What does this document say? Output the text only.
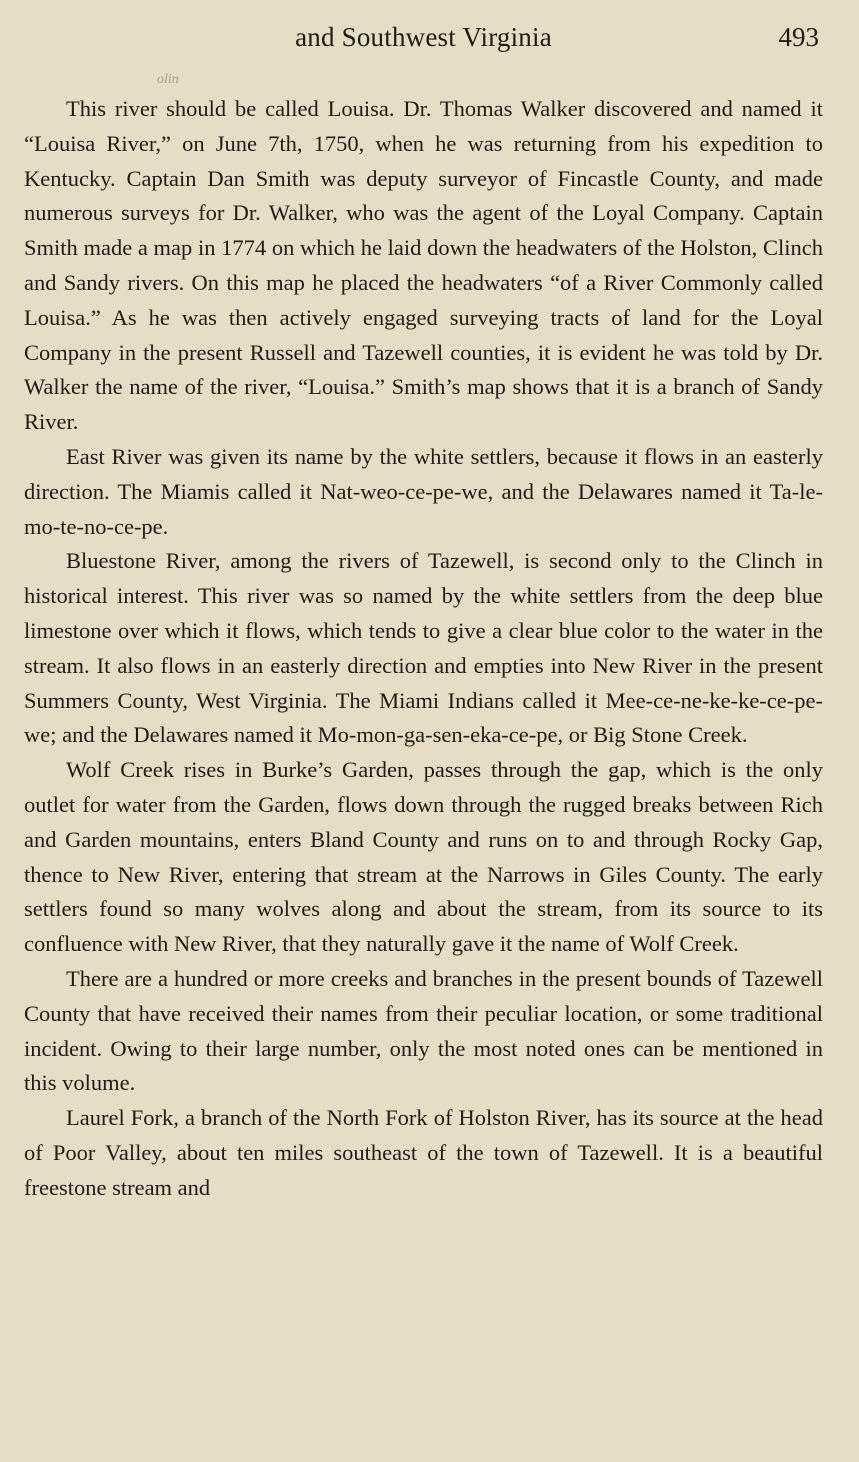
and Southwest Virginia	493
olin

This river should be called Louisa. Dr. Thomas Walker discovered and named it “Louisa River,” on June 7th, 1750, when he was returning from his expedition to Kentucky. Captain Dan Smith was deputy surveyor of Fincastle County, and made numerous surveys for Dr. Walker, who was the agent of the Loyal Company. Captain Smith made a map in 1774 on which he laid down the headwaters of the Holston, Clinch and Sandy rivers. On this map he placed the headwaters “of a River Commonly called Louisa.” As he was then actively engaged surveying tracts of land for the Loyal Company in the present Russell and Tazewell counties, it is evident he was told by Dr. Walker the name of the river, “Louisa.” Smith’s map shows that it is a branch of Sandy River.

East River was given its name by the white settlers, because it flows in an easterly direction. The Miamis called it Nat-weo-ce-pe-we, and the Delawares named it Ta-le-mo-te-no-ce-pe.

Bluestone River, among the rivers of Tazewell, is second only to the Clinch in historical interest. This river was so named by the white settlers from the deep blue limestone over which it flows, which tends to give a clear blue color to the water in the stream. It also flows in an easterly direction and empties into New River in the present Summers County, West Virginia. The Miami Indians called it Mee-ce-ne-ke-ke-ce-pe-we; and the Delawares named it Mo-mon-ga-sen-eka-ce-pe, or Big Stone Creek.

Wolf Creek rises in Burke’s Garden, passes through the gap, which is the only outlet for water from the Garden, flows down through the rugged breaks between Rich and Garden mountains, enters Bland County and runs on to and through Rocky Gap, thence to New River, entering that stream at the Narrows in Giles County. The early settlers found so many wolves along and about the stream, from its source to its confluence with New River, that they naturally gave it the name of Wolf Creek.

There are a hundred or more creeks and branches in the present bounds of Tazewell County that have received their names from their peculiar location, or some traditional incident. Owing to their large number, only the most noted ones can be mentioned in this volume.

Laurel Fork, a branch of the North Fork of Holston River, has its source at the head of Poor Valley, about ten miles southeast of the town of Tazewell. It is a beautiful freestone stream and
